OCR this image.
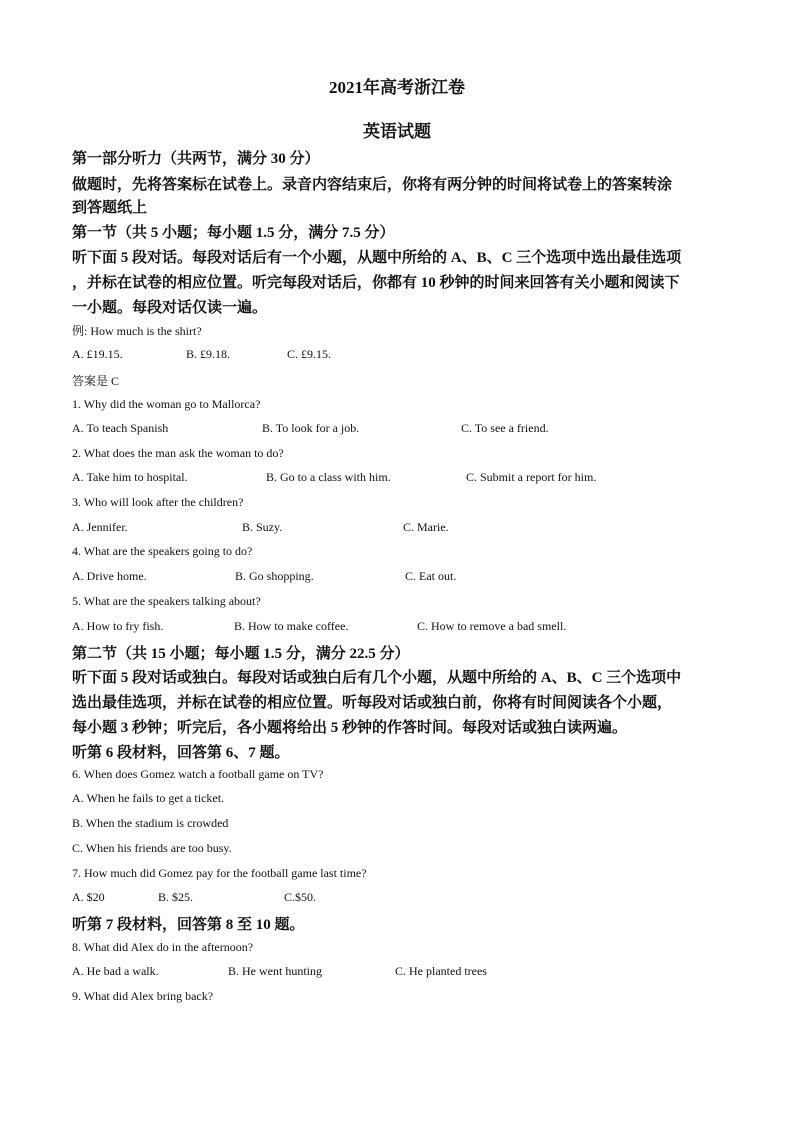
2021年高考浙江卷
英语试题
第一部分听力（共两节，满分 30 分）
做题时，先将答案标在试卷上。录音内容结束后，你将有两分钟的时间将试卷上的答案转涂
到答题纸上
第一节（共 5 小题；每小题 1.5 分，满分 7.5 分）
听下面 5 段对话。每段对话后有一个小题，从题中所给的 A、B、C 三个选项中选出最佳选项
，并标在试卷的相应位置。听完每段对话后，你都有 10 秒钟的时间来回答有关小题和阅读下
一小题。每段对话仅读一遍。
例: How much is the shirt?
A. £19.15.	B. £9.18.	C. £9.15.
答案是 C
1. Why did the woman go to Mallorca?
A. To teach Spanish	B. To look for a job.	C. To see a friend.
2. What does the man ask the woman to do?
A. Take him to hospital.	B. Go to a class with him.	C. Submit a report for him.
3. Who will look after the children?
A. Jennifer.	B. Suzy.	C. Marie.
4. What are the speakers going to do?
A. Drive home.	B. Go shopping.	C. Eat out.
5. What are the speakers talking about?
A. How to fry fish.	B. How to make coffee.	C. How to remove a bad smell.
第二节（共 15 小题；每小题 1.5 分，满分 22.5 分）
听下面 5 段对话或独白。每段对话或独白后有几个小题，从题中所给的 A、B、C 三个选项中
选出最佳选项，并标在试卷的相应位置。听每段对话或独白前，你将有时间阅读各个小题，
每小题 3 秒钟；听完后，各小题将给出 5 秒钟的作答时间。每段对话或独白读两遍。
听第 6 段材料，回答第 6、7 题。
6. When does Gomez watch a football game on TV?
A. When he fails to get a ticket.
B. When the stadium is crowded
C. When his friends are too busy.
7. How much did Gomez pay for the football game last time?
A. $20	B. $25.	C.$50.
听第 7 段材料，回答第 8 至 10 题。
8. What did Alex do in the afternoon?
A. He bad a walk.	B. He went hunting	C. He planted trees
9. What did Alex bring back?
